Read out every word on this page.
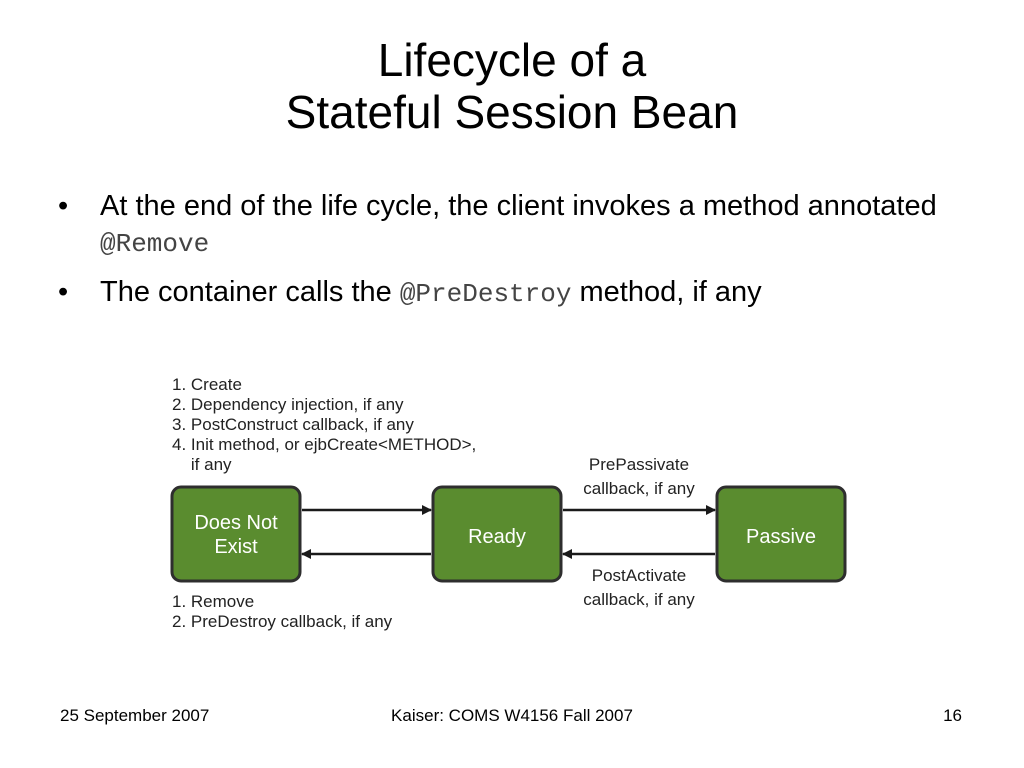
Lifecycle of a
Stateful Session Bean
• At the end of the life cycle, the client invokes a method annotated @Remove
• The container calls the @PreDestroy method, if any
1. Create
2. Dependency injection, if any
3. PostConstruct callback, if any
4. Init method, or ejbCreate<METHOD>,
if any
Does Not
Exist	Ready	Passive
PrePassivate
callback, if any
PostActivate
callback, if any
1. Remove
2. PreDestroy callback, if any
25 September 2007	Kaiser: COMS W4156 Fall 2007	16
